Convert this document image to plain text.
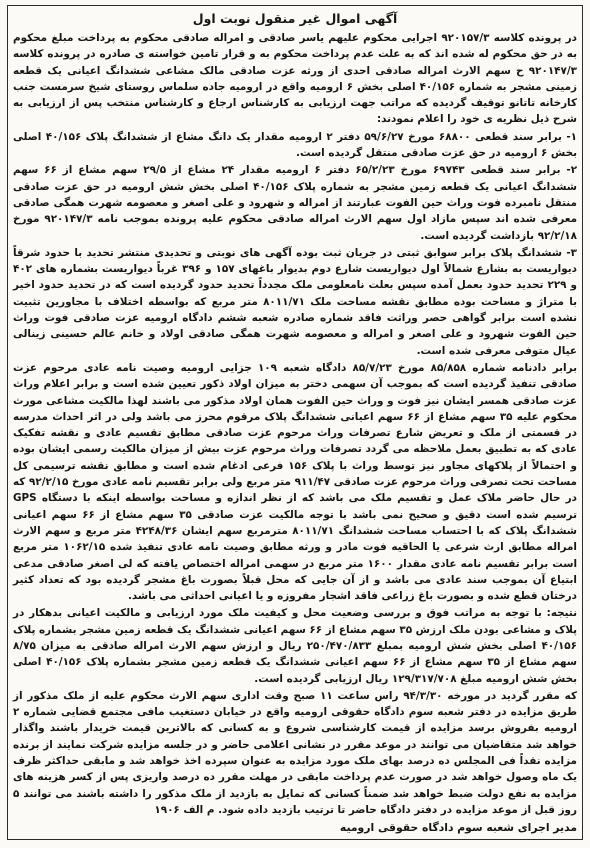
آگهی اموال غیر منقول نوبت اول

در پرونده کلاسه ۹۲۰۱۵۷/۳ اجرایی محکوم علیهم یاسر صادقی و امراله صادقی محکوم به پرداخت مبلغ محکوم به در حق محکوم له شده اند که به علت عدم پرداخت محکوم به و قرار تامین خواسته ی صادره در پرونده کلاسه ۹۲۰۱۴۷/۳ ح سهم الارث امراله صادقی احدی از ورثه عزت صادقی مالک مشاعی ششدانگ اعیانی یک قطعه زمینی مشجر به شماره ۴۰/۱۵۶ اصلی بخش ۶ ارومیه واقع در ارومیه جاده سلماس روستای شیخ سرمست جنب کارخانه تاتانو توقیف گردیده که مراتب جهت ارزیابی به کارشناس ارجاع و کارشناس منتخب پس از ارزیابی به شرح ذیل نظریه ی خود را اعلام نمودند:

۱- برابر سند قطعی ۶۸۸۰۰ مورخ ۵۹/۶/۲۷ دفتر ۲ ارومیه مقدار یک دانگ مشاع از ششدانگ پلاک ۴۰/۱۵۶ اصلی بخش ۶ ارومیه در حق عزت صادقی منتقل گردیده است.

۲- برابر سند قطعی ۶۹۷۴۳ مورخ ۶۵/۲/۲۳ دفتر ۶ ارومیه مقدار ۲۴ مشاع از ۲۹/۵ سهم مشاع از ۶۶ سهم ششدانگ اعیانی یک قطعه زمین مشجر به شماره پلاک ۴۰/۱۵۶ اصلی بخش شش ارومیه در حق عزت صادقی منتقل نامبرده فوت وراث حین الفوت عبارتند از امراله و شهرود و علی اصغر و معصومه شهرت همگی صادقی معرفی شده اند سپس مازاد اول سهم الارث امراله صادقی محکوم علیه پرونده بموجب نامه ۹۲۰۱۴۷/۳ مورخ ۹۲/۲/۱۸ بازداشت گردیده است.

۳- ششدانگ پلاک برابر سوابق ثبتی در جریان ثبت بوده آگهی های نوبتی و تحدیدی منتشر تحدید با حدود شرقاً دیواریست به بشارع شمالاً اول دیواریست شارع دوم بدیوار باغهای ۱۵۷ و ۳۹۶ غرباً دیواریست بشماره های ۴۰۲ و ۲۲۹ تحدید حدود بعمل آمده سپس بعلت نامعلومی ملک مجدداً تحدید حدود گردیده است که در تحدید حدود اخیر با متراژ و مساحت بوده مطابق نقشه مساحت ملک ۸۰۱۱/۷۱ متر مربع که بواسطه اختلاف با مجاورین تثبیت نشده است برابر گواهی حصر وراثت فاقد شماره صادره شعبه ششم دادگاه ارومیه عزت صادقی فوت وراث حین الفوت شهرود و علی اصغر و امراله و معصومه شهرت همگی صادقی اولاد و خانم عالم حسینی زینالی عیال متوفی معرفی شده است.

برابر دادنامه شماره ۸۵/۸۵۸ مورخ ۸۵/۷/۲۳ دادگاه شعبه ۱۰۹ جزایی ارومیه وصیت نامه عادی مرحوم عزت صادقی تنفیذ گردیده است که بموجب آن سهمی دختر به میزان اولاد ذکور تعیین شده است و برابر اعلام وراث عزت صادقی همسر ایشان نیز فوت و وراث حین الفوت همان اولاد مذکور می باشند لهذا مالکیت مشاعی مورث محکوم علیه ۳۵ سهم مشاع از ۶۶ سهم اعیانی ششدانگ پلاک مرقوم محرز می باشد ولی در اثر احداث مدرسه در قسمتی از ملک و تعریض شارع تصرفات وراث مرحوم عزت صادقی مطابق تقسیم عادی و نقشه تفکیک عادی که به تطبیق بعمل ملاحظه می گردد تصرفات وراث مرحوم عزت بیش از میزان مالکیت رسمی ایشان بوده و احتمالاً از پلاکهای مجاور نیز توسط وراث با پلاک ۱۵۶ فرعی ادغام شده است و مطابق نقشه ترسیمی کل مساحت تحت تصرفی وراث مرحوم عزت صادقی ۹۱۱/۴۷ متر مربع ولی برابر تقسیم نامه عادی مورخ ۹۲/۲/۱۵ که در حال حاضر ملاک عمل و تقسیم ملک می باشد که از نظر اندازه و مساحت بواسطه اینکه با دستگاه GPS ترسیم شده است دقیق و صحیح نمی باشد با توجه مالکیت عزت صادقی ۳۵ سهم مشاع از ۶۶ سهم اعیانی ششدانگ پلاک که با احتساب مساحت ششدانگ ۸۰۱۱/۷۱ مترمربع سهم ایشان ۴۲۴۸/۳۶ متر مربع و سهم الارث امراله مطابق ارث شرعی یا الحاقیه فوت مادر و ورثه مطابق وصیت نامه عادی تنفیذ شده ۱۰۶۲/۱۵ متر مربع است برابر تقسیم نامه عادی مقدار ۱۶۰۰ متر مربع در سهمی امراله اختصاص یافته که لی اصغر صادقی مدعی ابتیاع آن بموجب سند عادی می باشد و از آن جایی که محل قبلاً بصورت باغ مشجر گردیده بود که تعداد کثیر درختان قطع شده و بصورت باغ زراعی فاقد اشجار مفروزه و یا اعیانی احداثی می باشد.

نتیجه: با توجه به مراتب فوق و بررسی وضعیت محل و کیفیت ملک مورد ارزیابی و مالکیت اعیانی بدهکار در پلاک و مشاعی بودن ملک ارزش ۳۵ سهم مشاع از ۶۶ سهم اعیانی ششدانگ یک قطعه زمین مشجر بشماره پلاک ۴۰/۱۵۶ اصلی بخش شش ارومیه بمبلغ ۲۵۰/۴۷۰/۸۳۳ ریال و ارزش سهم الارث امراله صادقی به میزان ۸/۷۵ سهم مشاع از ۳۵ سهم مشاع از ۶۶ سهم اعیانی ششدانگ یک قطعه زمین مشجر بشماره پلاک ۴۰/۱۵۶ اصلی بخش شش ارومیه مبلغ ۱۲۹/۳۱۷/۷۰۸ ریال ارزیابی گردیده است.

که مقرر گردید در مورخه ۹۴/۳/۳۰ راس ساعت ۱۱ صبح وقت اداری سهم الارث محکوم علیه از ملک مذکور از طریق مزایده در دفتر شعبه سوم دادگاه حقوقی ارومیه واقع در خیابان دستغیب مافی مجتمع قضایی شماره ۲ ارومیه بفروش برسد مزایده از قیمت کارشناسی شروع و به کسانی که بالاترین قیمت خریدار باشند واگذار خواهد شد متقاضیان می توانند در موعد مقرر در نشانی اعلامی حاضر و در جلسه مزایده شرکت نمایند از برنده مزایده نقداً فی المجلس ده درصد بهای ملک مورد مزایده به عنوان سپرده اخذ خواهد شد و مابقی حداکثر ظرف یک ماه وصول خواهد شد در صورت عدم پرداخت مابقی در مهلت مقرر ده درصد واریزی پس از کسر هزینه های مزایده به نفع دولت ضبط خواهد شد ضمناً کسانی که تمایل به بازدید از ملک مذکور را داشته باشند می توانند ۵ روز قبل از موعد مزایده در دفتر دادگاه حاضر تا ترتیب بازدید داده شود. م الف ۱۹۰۶

مدیر اجرای شعبه سوم دادگاه حقوقی ارومیه
